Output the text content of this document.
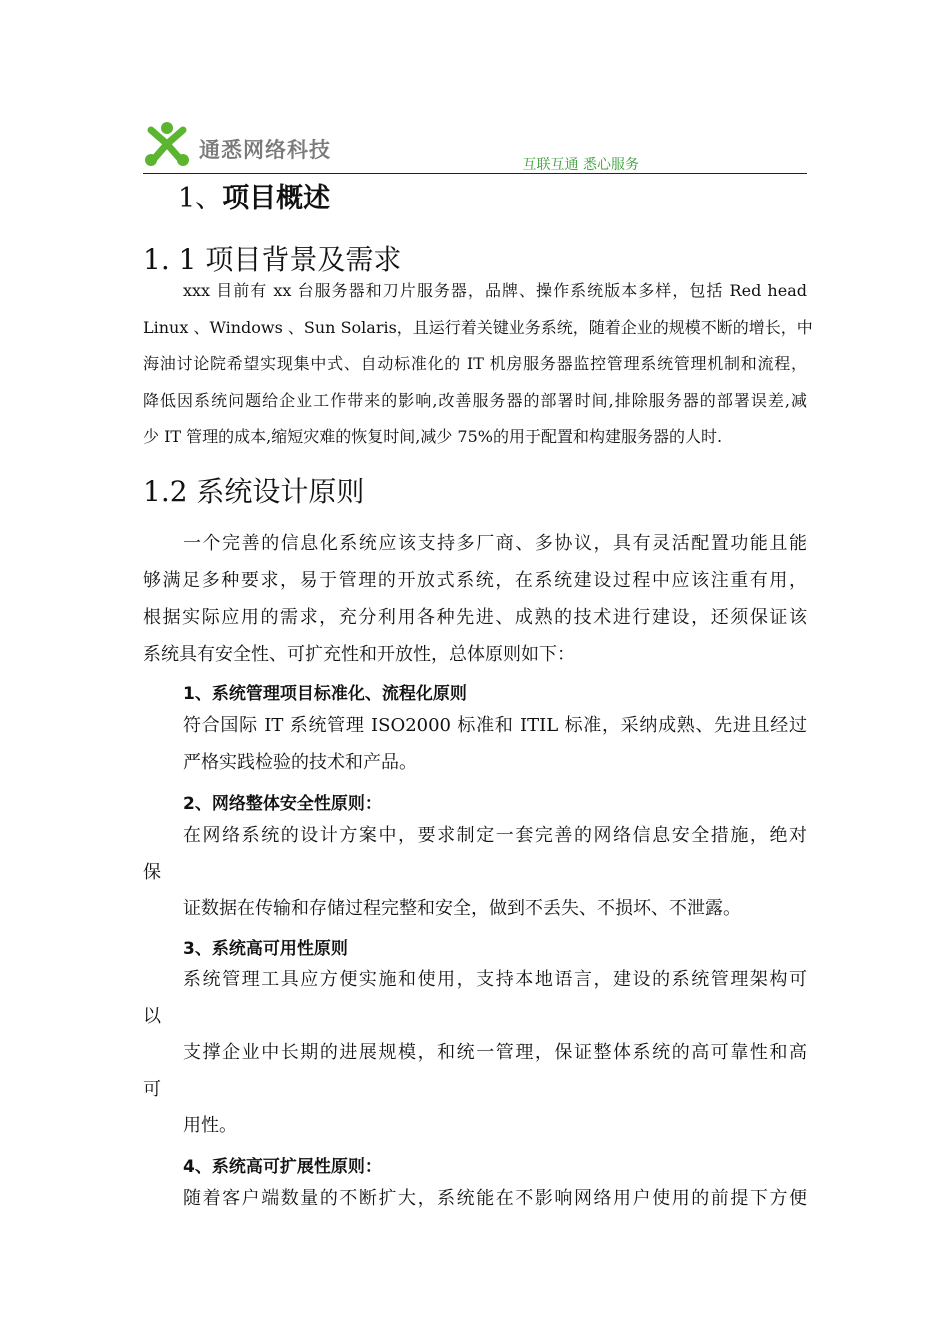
通悉网络科技
互联互通 悉心服务
1、项目概述
1. 1 项目背景及需求
xxx 目前有 xx 台服务器和刀片服务器，品牌、操作系统版本多样，包括 Red head
Linux 、Windows 、Sun Solaris，且运行着关键业务系统，随着企业的规模不断的增长，中
海油讨论院希望实现集中式、自动标准化的 IT 机房服务器监控管理系统管理机制和流程，
降低因系统问题给企业工作带来的影响,改善服务器的部署时间,排除服务器的部署误差,减
少 IT 管理的成本,缩短灾难的恢复时间,减少 75%的用于配置和构建服务器的人时.
1.2 系统设计原则
一个完善的信息化系统应该支持多厂商、多协议，具有灵活配置功能且能
够满足多种要求，易于管理的开放式系统，在系统建设过程中应该注重有用，
根据实际应用的需求，充分利用各种先进、成熟的技术进行建设，还须保证该
系统具有安全性、可扩充性和开放性，总体原则如下：
1、系统管理项目标准化、流程化原则
符合国际 IT 系统管理 ISO2000 标准和 ITIL 标准，采纳成熟、先进且经过
严格实践检验的技术和产品。
2、网络整体安全性原则：
在网络系统的设计方案中，要求制定一套完善的网络信息安全措施，绝对
保
证数据在传输和存储过程完整和安全，做到不丢失、不损坏、不泄露。
3、系统高可用性原则
系统管理工具应方便实施和使用，支持本地语言，建设的系统管理架构可
以
支撑企业中长期的进展规模，和统一管理，保证整体系统的高可靠性和高
可
用性。
4、系统高可扩展性原则：
随着客户端数量的不断扩大，系统能在不影响网络用户使用的前提下方便
